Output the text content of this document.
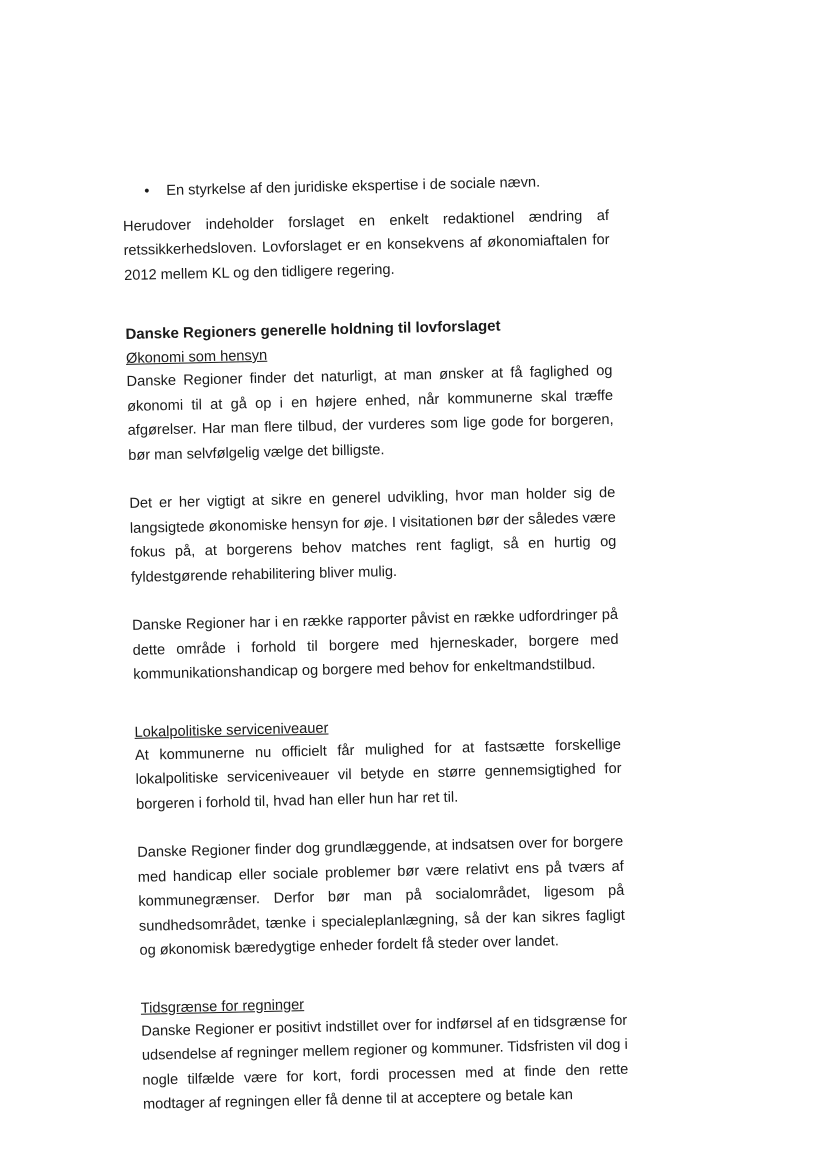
• En styrkelse af den juridiske ekspertise i de sociale nævn.

Herudover indeholder forslaget en enkelt redaktionel ændring af retssikkerhedsloven. Lovforslaget er en konsekvens af økonomiaftalen for 2012 mellem KL og den tidligere regering.

Danske Regioners generelle holdning til lovforslaget
Økonomi som hensyn

Danske Regioner finder det naturligt, at man ønsker at få faglighed og økonomi til at gå op i en højere enhed, når kommunerne skal træffe afgørelser. Har man flere tilbud, der vurderes som lige gode for borgeren, bør man selvfølgelig vælge det billigste.

Det er her vigtigt at sikre en generel udvikling, hvor man holder sig de langsigtede økonomiske hensyn for øje. I visitationen bør der således være fokus på, at borgerens behov matches rent fagligt, så en hurtig og fyldestgørende rehabilitering bliver mulig.

Danske Regioner har i en række rapporter påvist en række udfordringer på dette område i forhold til borgere med hjerneskader, borgere med kommunikationshandicap og borgere med behov for enkeltmandstilbud.

Lokalpolitiske serviceniveauer

At kommunerne nu officielt får mulighed for at fastsætte forskellige lokalpolitiske serviceniveauer vil betyde en større gennemsigtighed for borgeren i forhold til, hvad han eller hun har ret til.

Danske Regioner finder dog grundlæggende, at indsatsen over for borgere med handicap eller sociale problemer bør være relativt ens på tværs af kommunegrænser. Derfor bør man på socialområdet, ligesom på sundhedsområdet, tænke i specialeplanlægning, så der kan sikres fagligt og økonomisk bæredygtige enheder fordelt få steder over landet.

Tidsgrænse for regninger

Danske Regioner er positivt indstillet over for indførsel af en tidsgrænse for udsendelse af regninger mellem regioner og kommuner. Tidsfristen vil dog i nogle tilfælde være for kort, fordi processen med at finde den rette modtager af regningen eller få denne til at acceptere og betale kan
